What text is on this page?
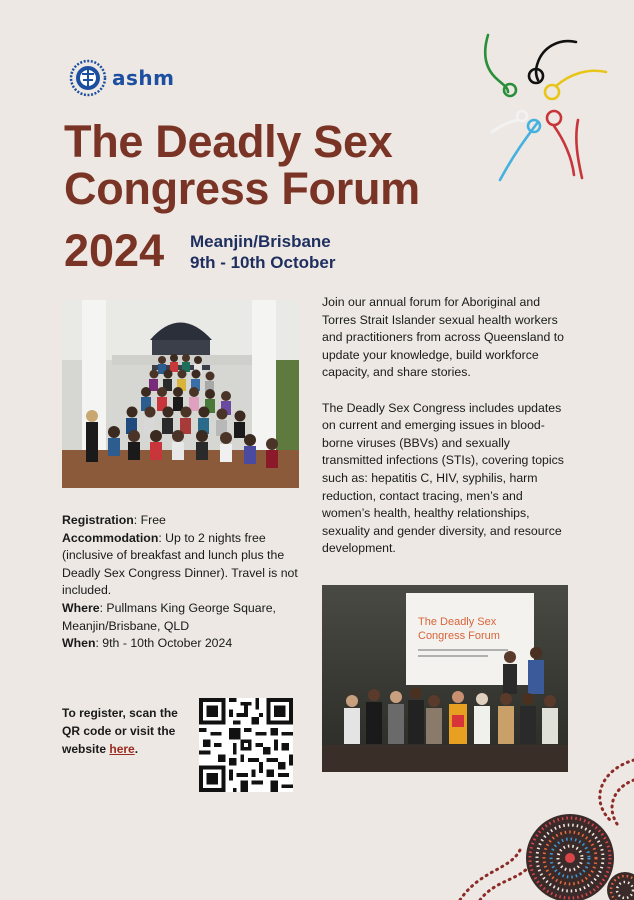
ashm
The Deadly Sex
Congress Forum
2024 Meanjin/Brisbane
9th - 10th October

Join our annual forum for Aboriginal and Torres Strait Islander sexual health workers and practitioners from across Queensland to update your knowledge, build workforce capacity, and share stories.

The Deadly Sex Congress includes updates on current and emerging issues in blood-borne viruses (BBVs) and sexually transmitted infections (STIs), covering topics such as: hepatitis C, HIV, syphilis, harm reduction, contact tracing, men’s and women’s health, healthy relationships, sexuality and gender diversity, and resource development.

Registration: Free
Accommodation: Up to 2 nights free (inclusive of breakfast and lunch plus the Deadly Sex Congress Dinner). Travel is not included.
Where: Pullmans King George Square, Meanjin/Brisbane, QLD
When: 9th - 10th October 2024
To register, scan the QR code or visit the website here.
The Deadly Sex
Congress Forum
